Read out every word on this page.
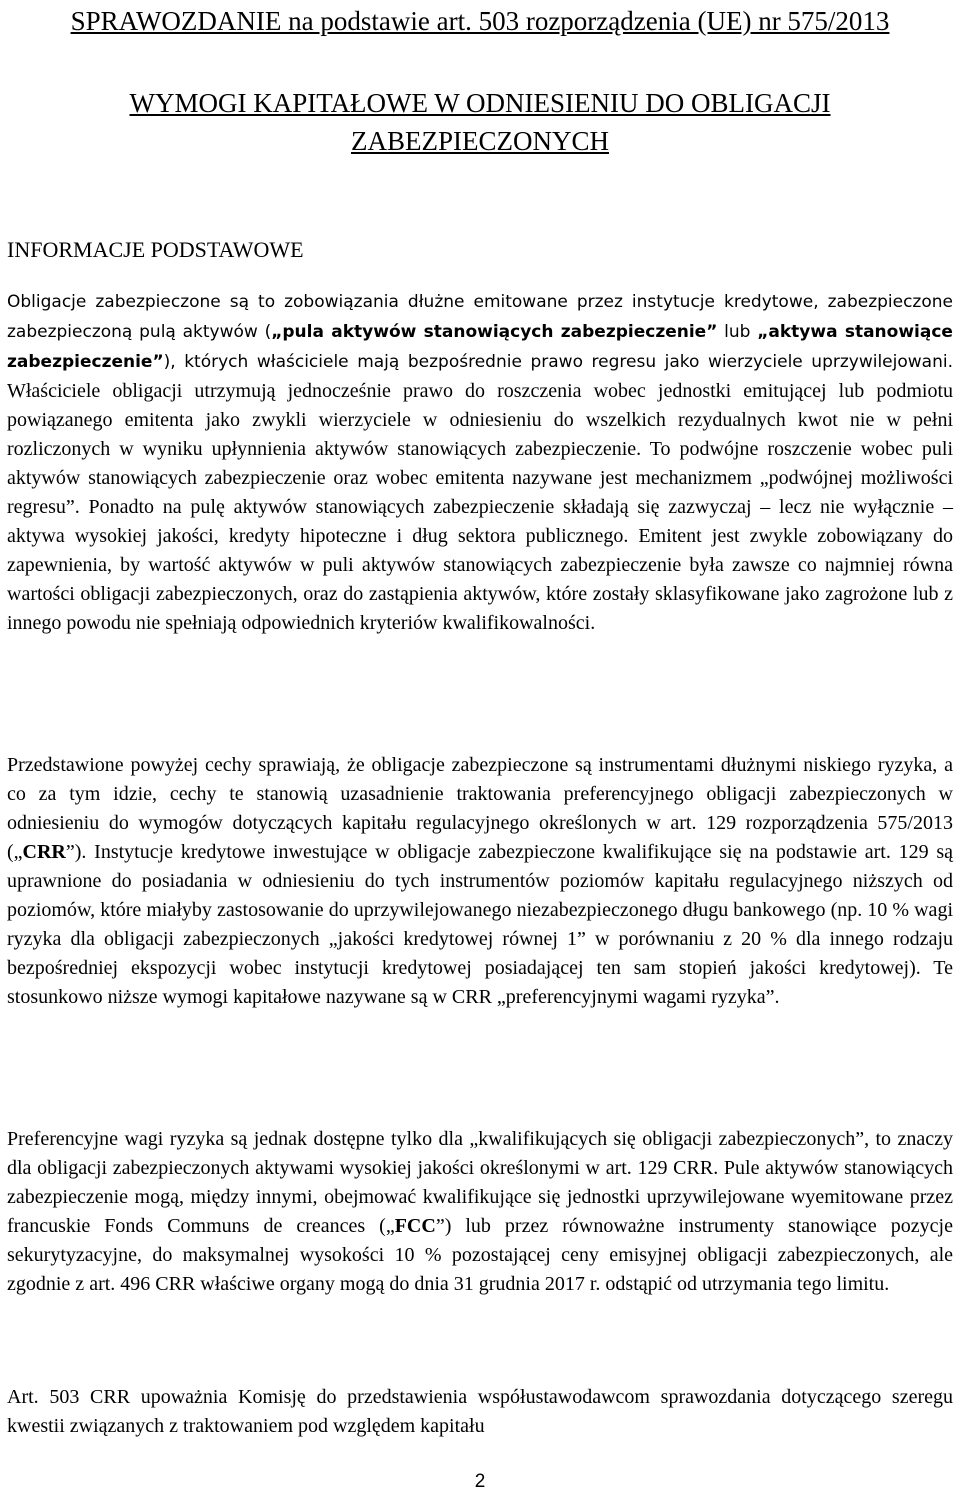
SPRAWOZDANIE na podstawie art. 503 rozporządzenia (UE) nr 575/2013

WYMOGI KAPITAŁOWE W ODNIESIENIU DO OBLIGACJI ZABEZPIECZONYCH

INFORMACJE PODSTAWOWE

Obligacje zabezpieczone są to zobowiązania dłużne emitowane przez instytucje kredytowe, zabezpieczone zabezpieczoną pulą aktywów („pula aktywów stanowiących zabezpieczenie” lub „aktywa stanowiące zabezpieczenie”), których właściciele mają bezpośrednie prawo regresu jako wierzyciele uprzywilejowani. Właściciele obligacji utrzymują jednocześnie prawo do roszczenia wobec jednostki emitującej lub podmiotu powiązanego emitenta jako zwykli wierzyciele w odniesieniu do wszelkich rezydualnych kwot nie w pełni rozliczonych w wyniku upłynnienia aktywów stanowiących zabezpieczenie. To podwójne roszczenie wobec puli aktywów stanowiących zabezpieczenie oraz wobec emitenta nazywane jest mechanizmem „podwójnej możliwości regresu”. Ponadto na pulę aktywów stanowiących zabezpieczenie składają się zazwyczaj – lecz nie wyłącznie – aktywa wysokiej jakości, kredyty hipoteczne i dług sektora publicznego. Emitent jest zwykle zobowiązany do zapewnienia, by wartość aktywów w puli aktywów stanowiących zabezpieczenie była zawsze co najmniej równa wartości obligacji zabezpieczonych, oraz do zastąpienia aktywów, które zostały sklasyfikowane jako zagrożone lub z innego powodu nie spełniają odpowiednich kryteriów kwalifikowalności.

Przedstawione powyżej cechy sprawiają, że obligacje zabezpieczone są instrumentami dłużnymi niskiego ryzyka, a co za tym idzie, cechy te stanowią uzasadnienie traktowania preferencyjnego obligacji zabezpieczonych w odniesieniu do wymogów dotyczących kapitału regulacyjnego określonych w art. 129 rozporządzenia 575/2013 („CRR”). Instytucje kredytowe inwestujące w obligacje zabezpieczone kwalifikujące się na podstawie art. 129 są uprawnione do posiadania w odniesieniu do tych instrumentów poziomów kapitału regulacyjnego niższych od poziomów, które miałyby zastosowanie do uprzywilejowanego niezabezpieczonego długu bankowego (np. 10 % wagi ryzyka dla obligacji zabezpieczonych „jakości kredytowej równej 1” w porównaniu z 20 % dla innego rodzaju bezpośredniej ekspozycji wobec instytucji kredytowej posiadającej ten sam stopień jakości kredytowej). Te stosunkowo niższe wymogi kapitałowe nazywane są w CRR „preferencyjnymi wagami ryzyka”.

Preferencyjne wagi ryzyka są jednak dostępne tylko dla „kwalifikujących się obligacji zabezpieczonych”, to znaczy dla obligacji zabezpieczonych aktywami wysokiej jakości określonymi w art. 129 CRR. Pule aktywów stanowiących zabezpieczenie mogą, między innymi, obejmować kwalifikujące się jednostki uprzywilejowane wyemitowane przez francuskie Fonds Communs de creances („FCC”) lub przez równoważne instrumenty stanowiące pozycje sekurytyzacyjne, do maksymalnej wysokości 10 % pozostającej ceny emisyjnej obligacji zabezpieczonych, ale zgodnie z art. 496 CRR właściwe organy mogą do dnia 31 grudnia 2017 r. odstąpić od utrzymania tego limitu.

Art. 503 CRR upoważnia Komisję do przedstawienia współustawodawcom sprawozdania dotyczącego szeregu kwestii związanych z traktowaniem pod względem kapitału

2
